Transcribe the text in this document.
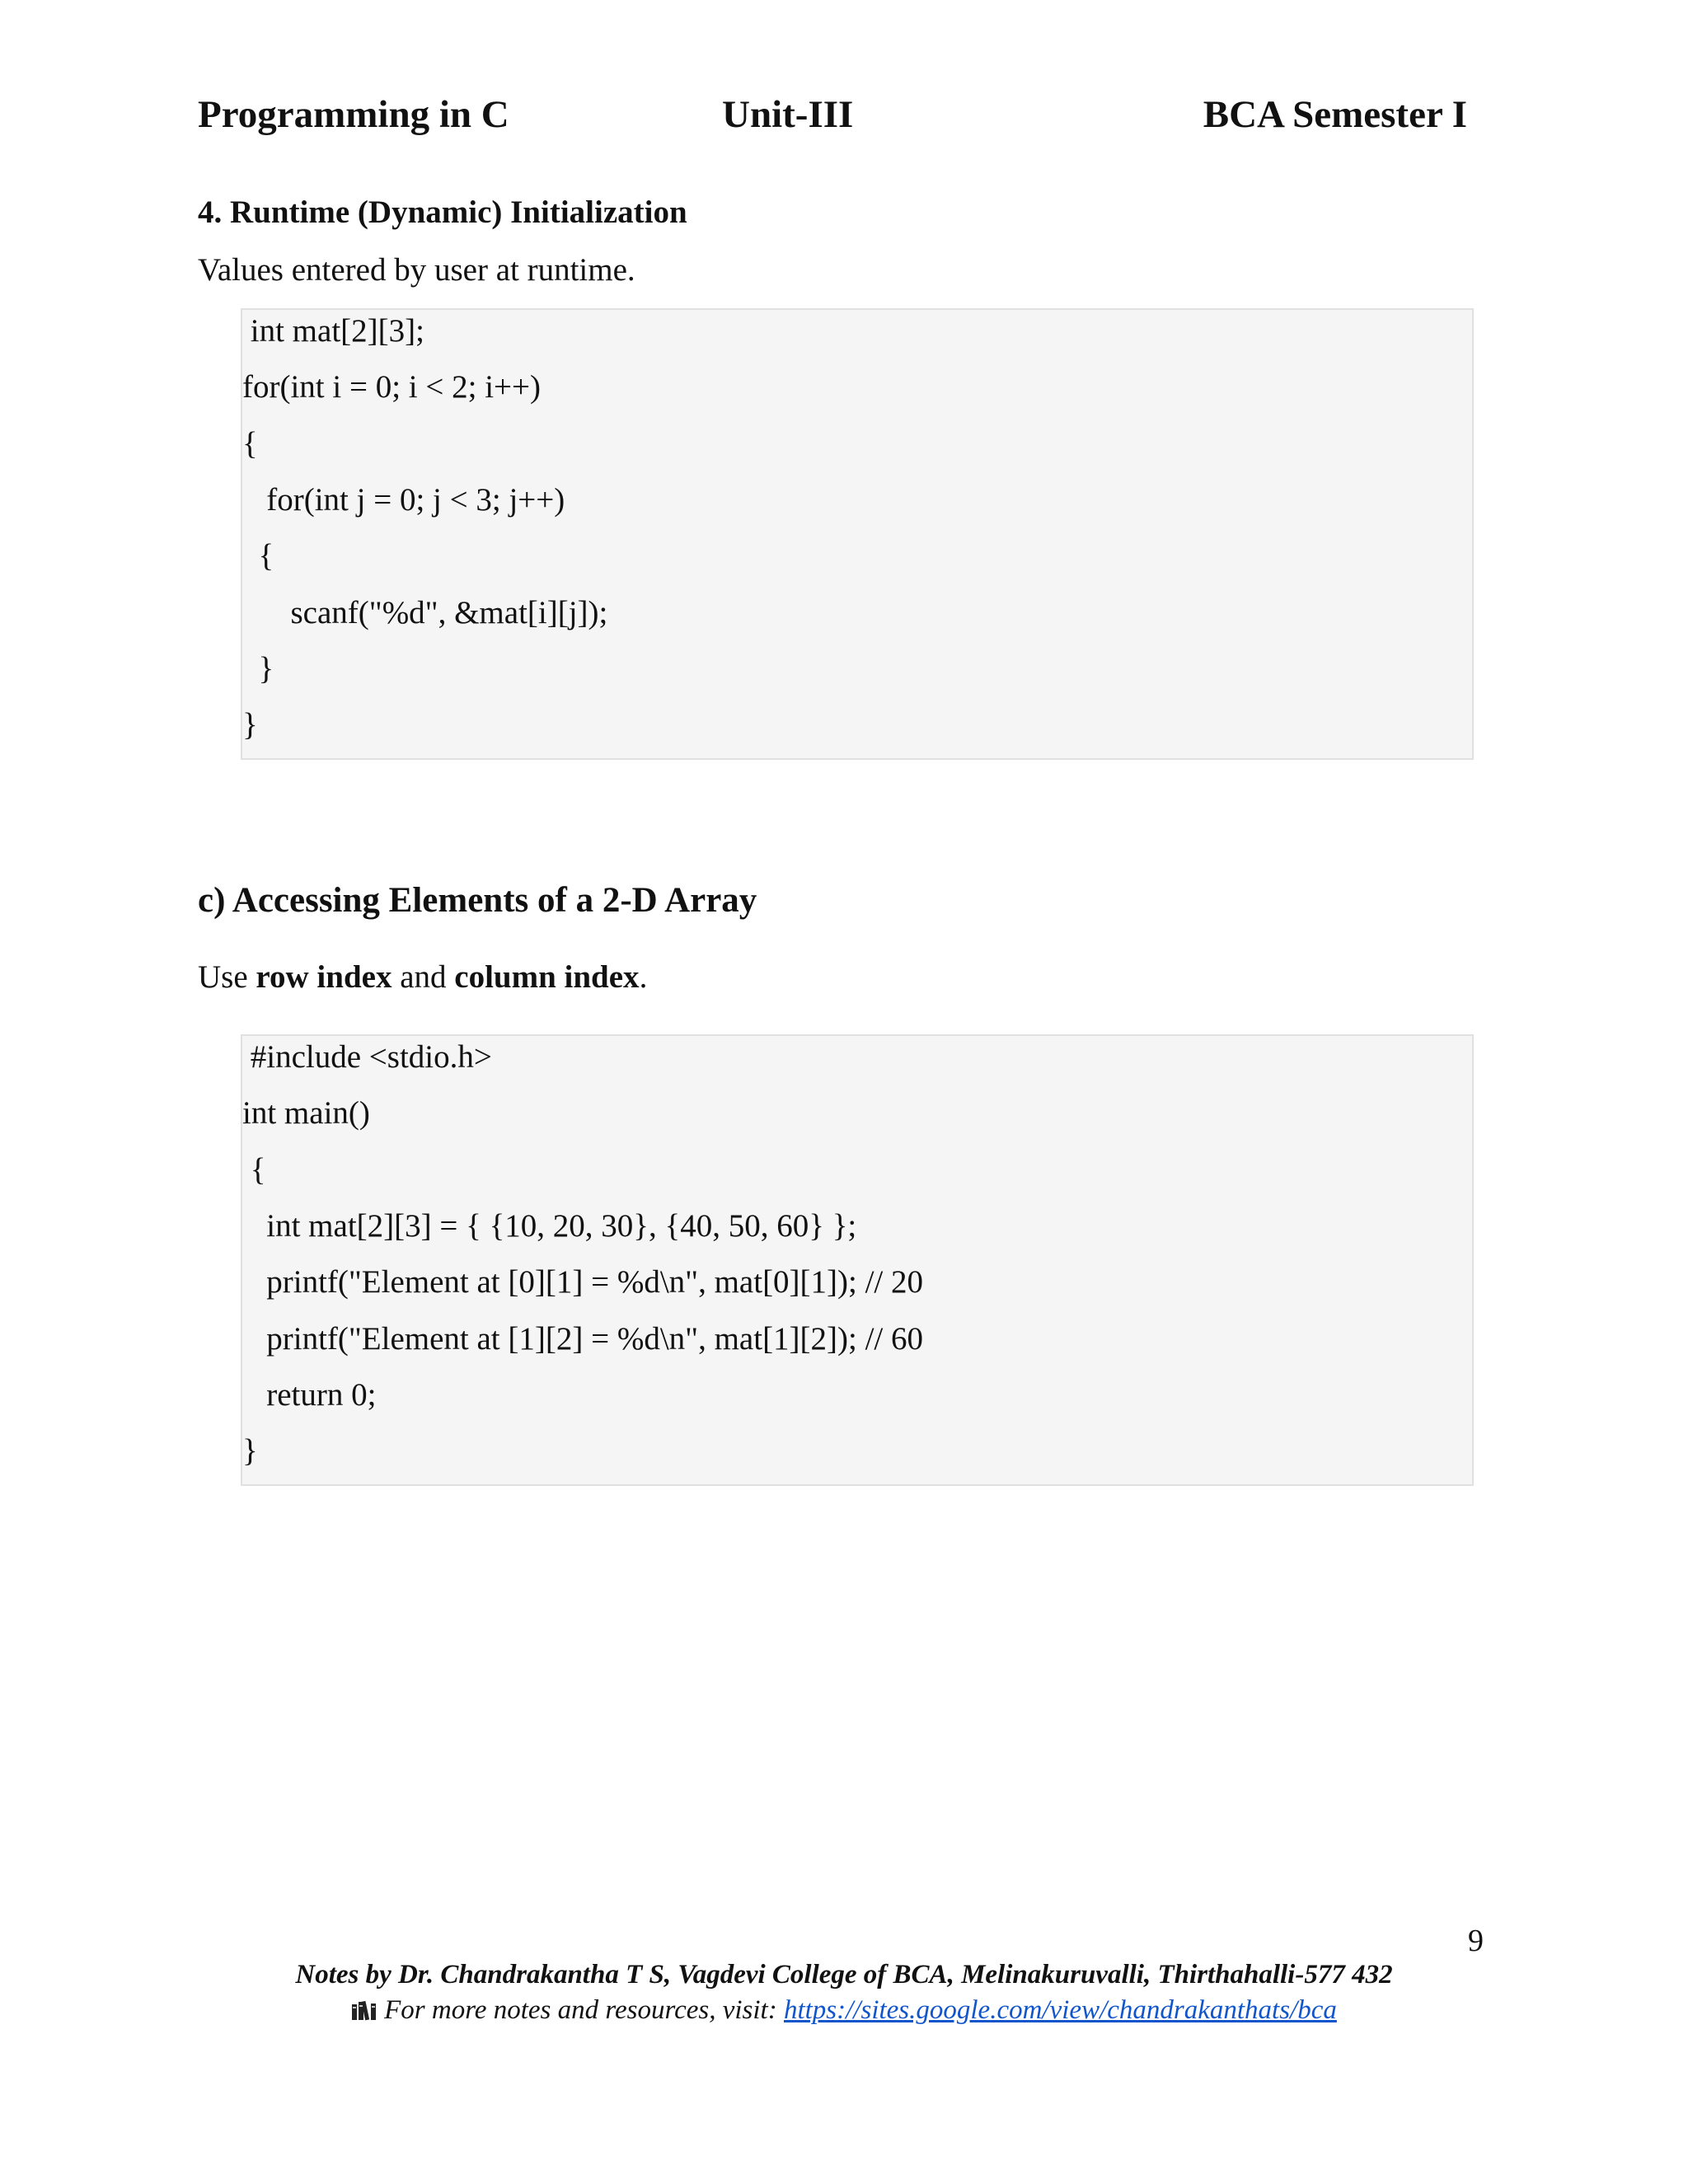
Programming in C	Unit-III	BCA Semester I
4. Runtime (Dynamic) Initialization
Values entered by user at runtime.
int mat[2][3];
for(int i = 0; i < 2; i++)
{
for(int j = 0; j < 3; j++)
{
scanf("%d", &mat[i][j]);
}
}
c) Accessing Elements of a 2-D Array
Use row index and column index.
#include <stdio.h>
int main()
{
int mat[2][3] = { {10, 20, 30}, {40, 50, 60} };
printf("Element at [0][1] = %d\n", mat[0][1]); // 20
printf("Element at [1][2] = %d\n", mat[1][2]); // 60
return 0;
}
9
Notes by Dr. Chandrakantha T S, Vagdevi College of BCA, Melinakuruvalli, Thirthahalli-577 432
For more notes and resources, visit: https://sites.google.com/view/chandrakanthats/bca
